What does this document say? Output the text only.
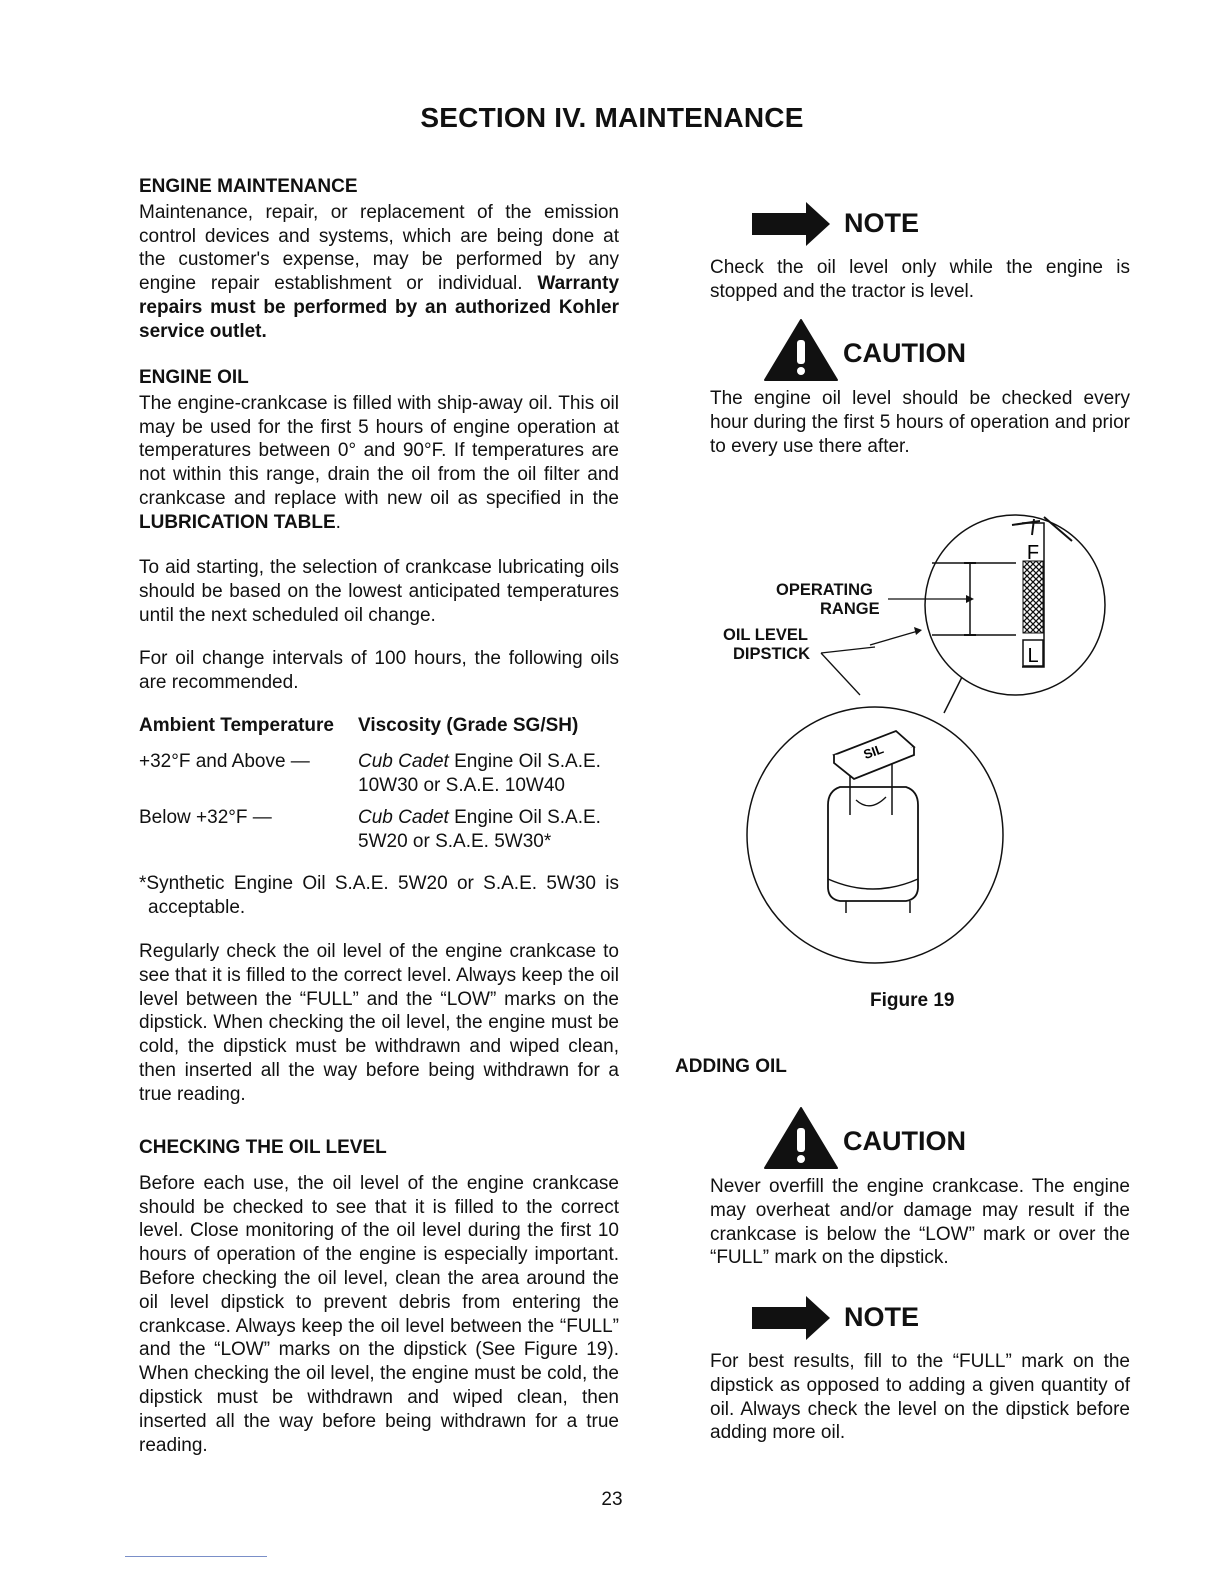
SECTION IV. MAINTENANCE
ENGINE MAINTENANCE

Maintenance, repair, or replacement of the emission control devices and systems, which are being done at the customer's expense, may be performed by any engine repair establishment or individual. Warranty repairs must be performed by an authorized Kohler service outlet.

ENGINE OIL

The engine-crankcase is filled with ship-away oil. This oil may be used for the first 5 hours of engine operation at temperatures between 0° and 90°F. If temperatures are not within this range, drain the oil from the oil filter and crankcase and replace with new oil as specified in the LUBRICATION TABLE.

To aid starting, the selection of crankcase lubricating oils should be based on the lowest anticipated temperatures until the next scheduled oil change.

For oil change intervals of 100 hours, the following oils are recommended.

Ambient Temperature Viscosity (Grade SG/SH)
+32°F and Above —	Cub Cadet Engine Oil S.A.E. 10W30 or S.A.E. 10W40
Below +32°F —	Cub Cadet Engine Oil S.A.E. 5W20 or S.A.E. 5W30*

*Synthetic Engine Oil S.A.E. 5W20 or S.A.E. 5W30 is acceptable.

Regularly check the oil level of the engine crankcase to see that it is filled to the correct level. Always keep the oil level between the “FULL” and the “LOW” marks on the dipstick. When checking the oil level, the engine must be cold, the dipstick must be withdrawn and wiped clean, then inserted all the way before being withdrawn for a true reading.

CHECKING THE OIL LEVEL

Before each use, the oil level of the engine crankcase should be checked to see that it is filled to the correct level. Close monitoring of the oil level during the first 10 hours of operation of the engine is especially important. Before checking the oil level, clean the area around the oil level dipstick to prevent debris from entering the crankcase. Always keep the oil level between the “FULL” and the “LOW” marks on the dipstick (See Figure 19). When checking the oil level, the engine must be cold, the dipstick must be withdrawn and wiped clean, then inserted all the way before being withdrawn for a true reading.

NOTE

Check the oil level only while the engine is stopped and the tractor is level.

CAUTION

The engine oil level should be checked every hour during the first 5 hours of operation and prior to every use there after.

L
F
SIL
OPERATING
RANGE
OIL LEVEL
DIPSTICK
Figure 19
ADDING OIL
CAUTION

Never overfill the engine crankcase. The engine may overheat and/or damage may result if the crankcase is below the “LOW” mark or over the “FULL” mark on the dipstick.

NOTE

For best results, fill to the “FULL” mark on the dipstick as opposed to adding a given quantity of oil. Always check the level on the dipstick before adding more oil.

23
